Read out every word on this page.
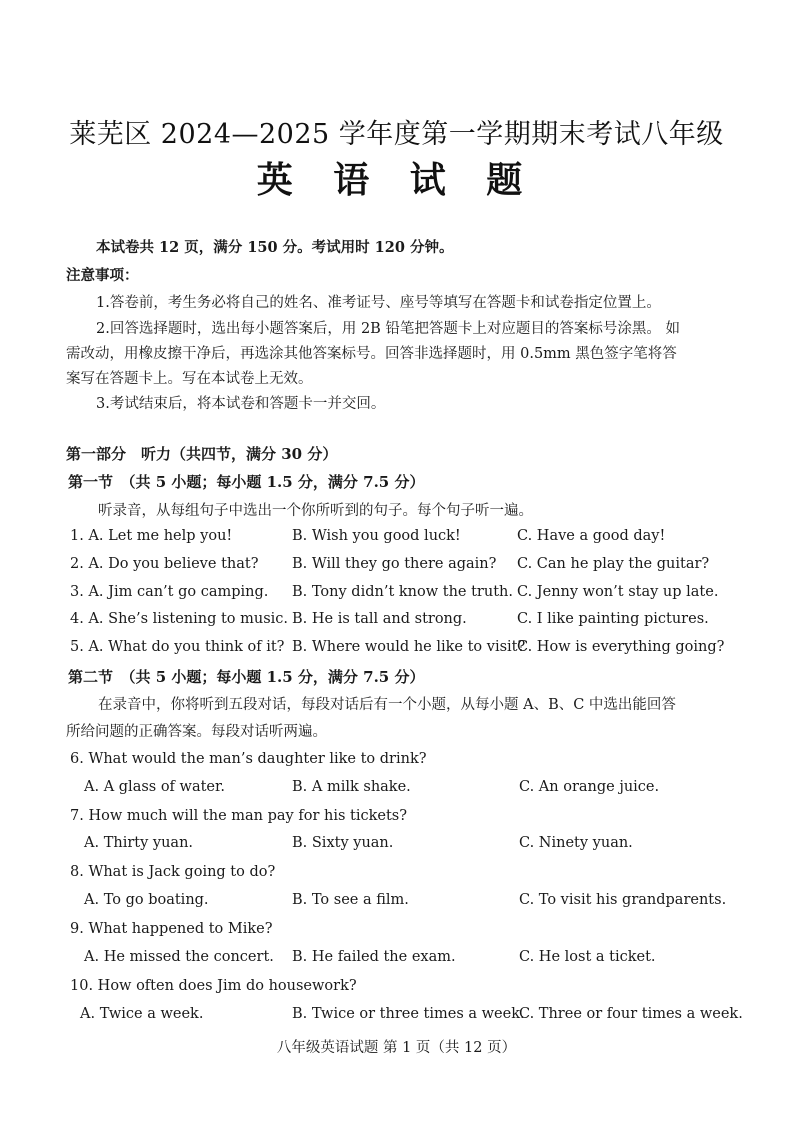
莱芜区 2024—2025 学年度第一学期期末考试八年级
英 语 试 题
本试卷共 12 页，满分 150 分。考试用时 120 分钟。
注意事项：
1.答卷前，考生务必将自己的姓名、准考证号、座号等填写在答题卡和试卷指定位置上。
2.回答选择题时，选出每小题答案后，用 2B 铅笔把答题卡上对应题目的答案标号涂黑。 如
需改动，用橡皮擦干净后，再选涂其他答案标号。回答非选择题时，用 0.5mm 黑色签字笔将答
案写在答题卡上。写在本试卷上无效。
3.考试结束后，将本试卷和答题卡一并交回。
第一部分　听力（共四节，满分 30 分）
第一节　（共 5 小题；每小题 1.5 分，满分 7.5 分）
听录音，从每组句子中选出一个你所听到的句子。每个句子听一遍。
1. A. Let me help you!	B. Wish you good luck!	C. Have a good day!
2. A. Do you believe that? B. Will they go there again? C. Can he play the guitar?
3. A. Jim can’t go camping. B. Tony didn’t know the truth. C. Jenny won’t stay up late.
4. A. She’s listening to music. B. He is tall and strong.	C. I like painting pictures.
5. A. What do you think of it? B. Where would he like to visit?
C. How is everything going?
第二节　（共 5 小题；每小题 1.5 分，满分 7.5 分）
在录音中，你将听到五段对话，每段对话后有一个小题，从每小题 A、B、C 中选出能回答
所给问题的正确答案。每段对话听两遍。
6. What would the man’s daughter like to drink?
A. A glass of water.	B. A milk shake.	C. An orange juice.
7. How much will the man pay for his tickets?
A. Thirty yuan.	B. Sixty yuan.	C. Ninety yuan.
8. What is Jack going to do?
A. To go boating.	B. To see a film.	C. To visit his grandparents.
9. What happened to Mike?
A. He missed the concert. B. He failed the exam.	C. He lost a ticket.
10. How often does Jim do housework?
A. Twice a week.	B. Twice or three times a week.
C. Three or four times a week.
八年级英语试题 第 1 页（共 12 页）
